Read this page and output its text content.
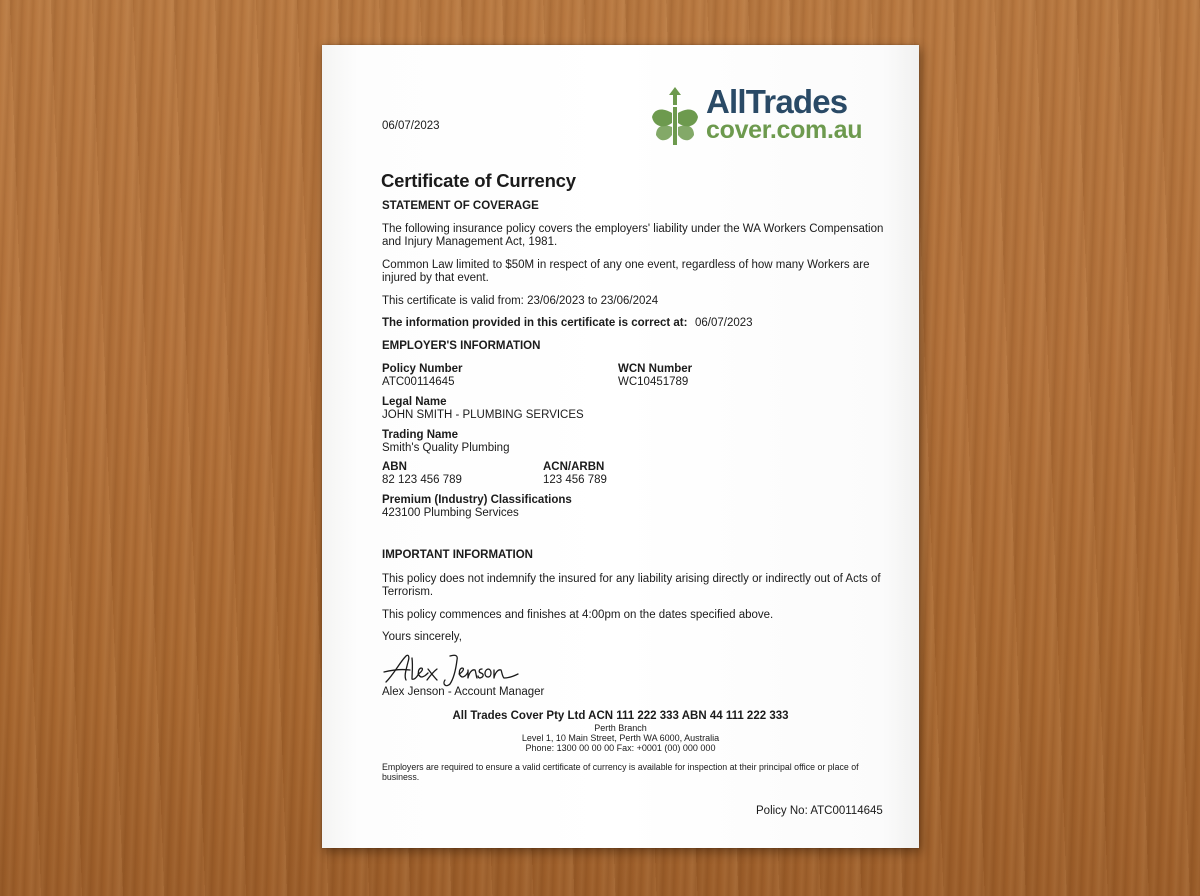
06/07/2023
AllTrades
cover.com.au
Certificate of Currency
STATEMENT OF COVERAGE
The following insurance policy covers the employers' liability under the WA Workers Compensation and Injury Management Act, 1981.
Common Law limited to $50M in respect of any one event, regardless of how many Workers are injured by that event.
This certificate is valid from: 23/06/2023 to 23/06/2024
The information provided in this certificate is correct at: 06/07/2023
EMPLOYER'S INFORMATION
Policy Number
ATC00114645
WCN Number
WC10451789
Legal Name
JOHN SMITH - PLUMBING SERVICES
Trading Name
Smith's Quality Plumbing
ABN
82 123 456 789
ACN/ARBN
123 456 789
Premium (Industry) Classifications
423100 Plumbing Services
IMPORTANT INFORMATION
This policy does not indemnify the insured for any liability arising directly or indirectly out of Acts of Terrorism.
This policy commences and finishes at 4:00pm on the dates specified above.
Yours sincerely,
Alex Jenson - Account Manager
All Trades Cover Pty Ltd ACN 111 222 333 ABN 44 111 222 333
Perth Branch
Level 1, 10 Main Street, Perth WA 6000, Australia
Phone: 1300 00 00 00 Fax: +0001 (00) 000 000
Employers are required to ensure a valid certificate of currency is available for inspection at their principal office or place of business.
Policy No: ATC00114645
